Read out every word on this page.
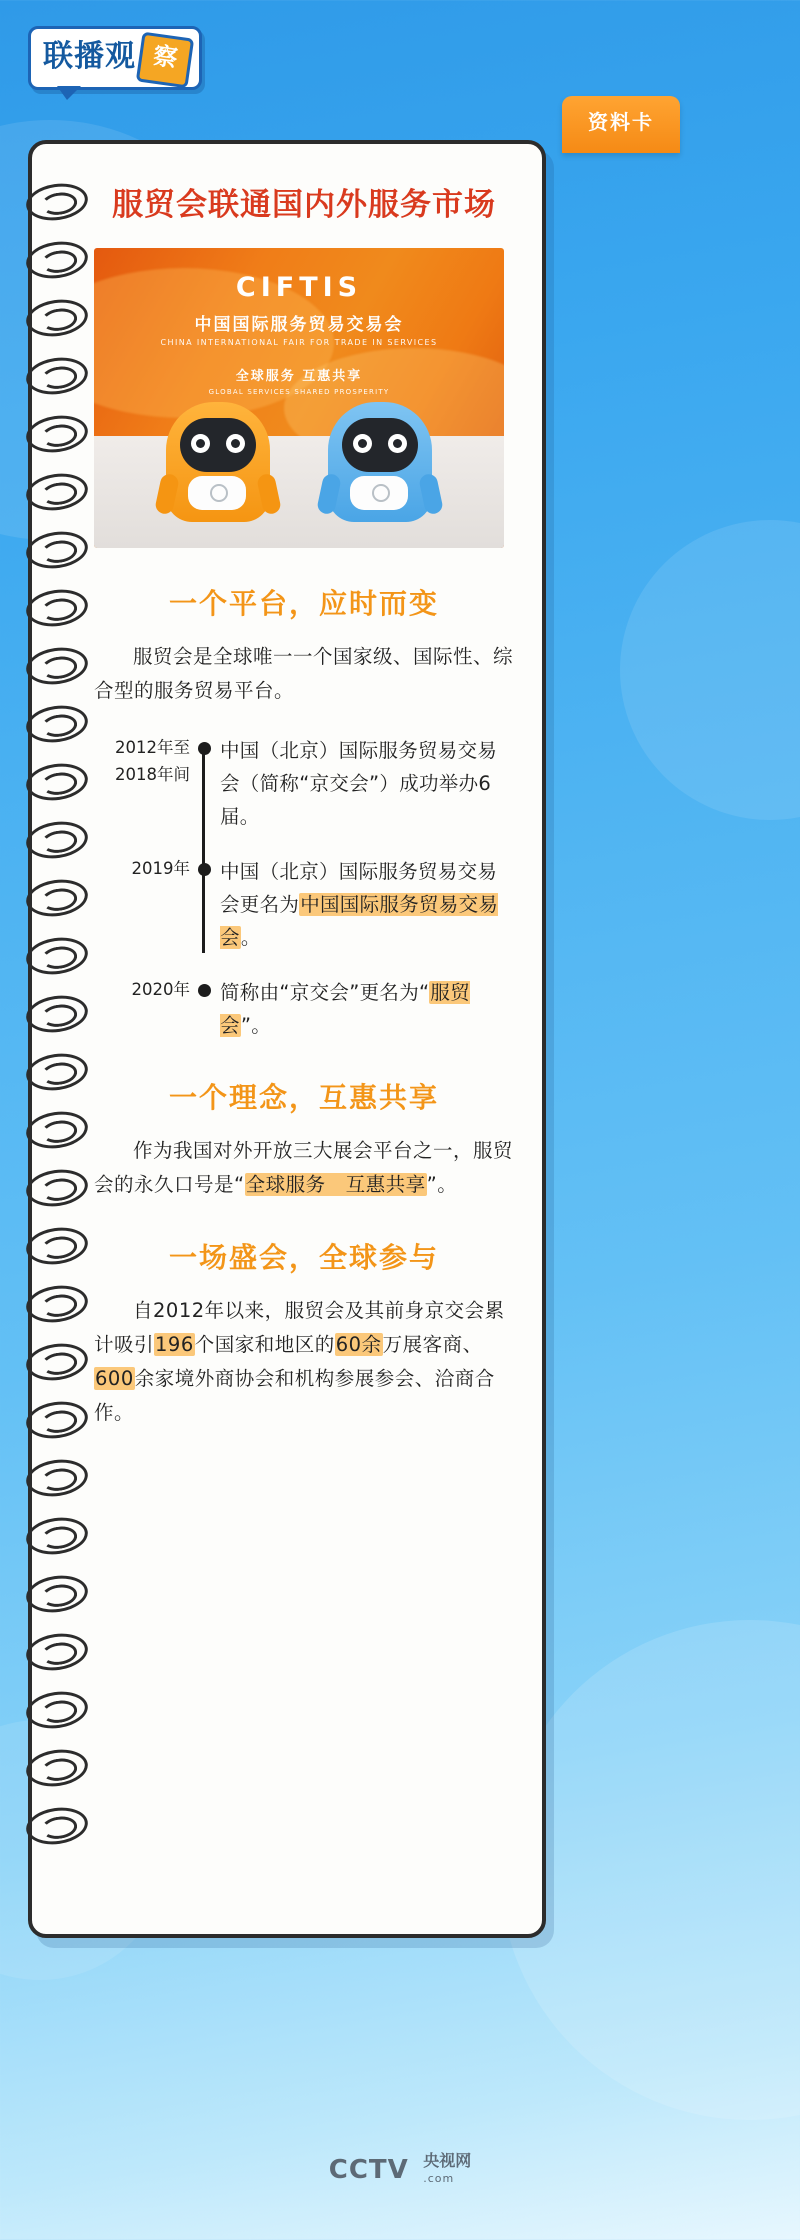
联播观 察
资料卡
服贸会联通国内外服务市场
CIFTIS
中国国际服务贸易交易会
CHINA INTERNATIONAL FAIR FOR TRADE IN SERVICES
全球服务 互惠共享
GLOBAL SERVICES SHARED PROSPERITY
一个平台，应时而变
服贸会是全球唯一一个国家级、国际性、综合型的服务贸易平台。
2012年至
2018年间
中国（北京）国际服务贸易交易会（简称“京交会”）成功举办6届。
2019年 中国（北京）国际服务贸易交易会更名为中国国际服务贸易交易会。
2020年 简称由“京交会”更名为“服贸会”。
一个理念，互惠共享
作为我国对外开放三大展会平台之一，服贸会的永久口号是“全球服务　互惠共享”。
一场盛会，全球参与
自2012年以来，服贸会及其前身京交会累计吸引196个国家和地区的60余万展客商、600余家境外商协会和机构参展参会、洽商合作。
CCTV 央视网
.com
